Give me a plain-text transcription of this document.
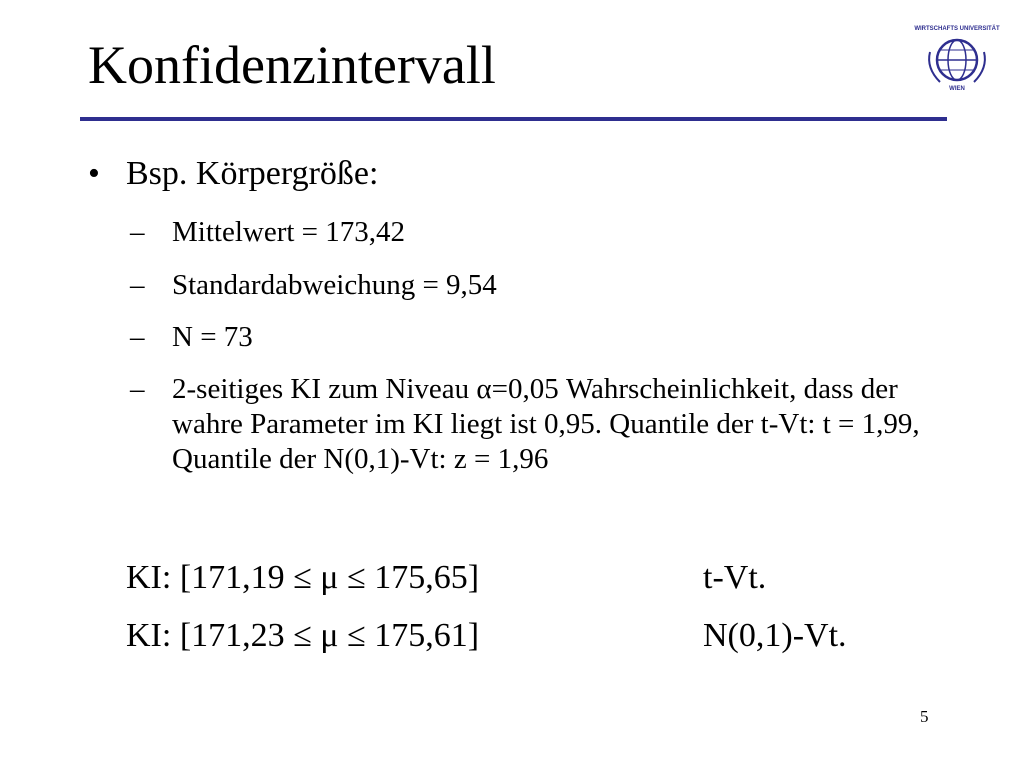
Konfidenzintervall
WIRTSCHAFTS UNIVERSITÄT
WIEN
• Bsp. Körpergröße:
– Mittelwert = 173,42
– Standardabweichung = 9,54
– N = 73
– 2-seitiges KI zum Niveau α=0,05 Wahrscheinlichkeit, dass der wahre Parameter im KI liegt ist 0,95. Quantile der t-Vt: t = 1,99, Quantile der N(0,1)-Vt: z = 1,96
KI: [171,19 ≤ μ ≤ 175,65]	t-Vt.
KI: [171,23 ≤ μ ≤ 175,61]	N(0,1)-Vt.
5
